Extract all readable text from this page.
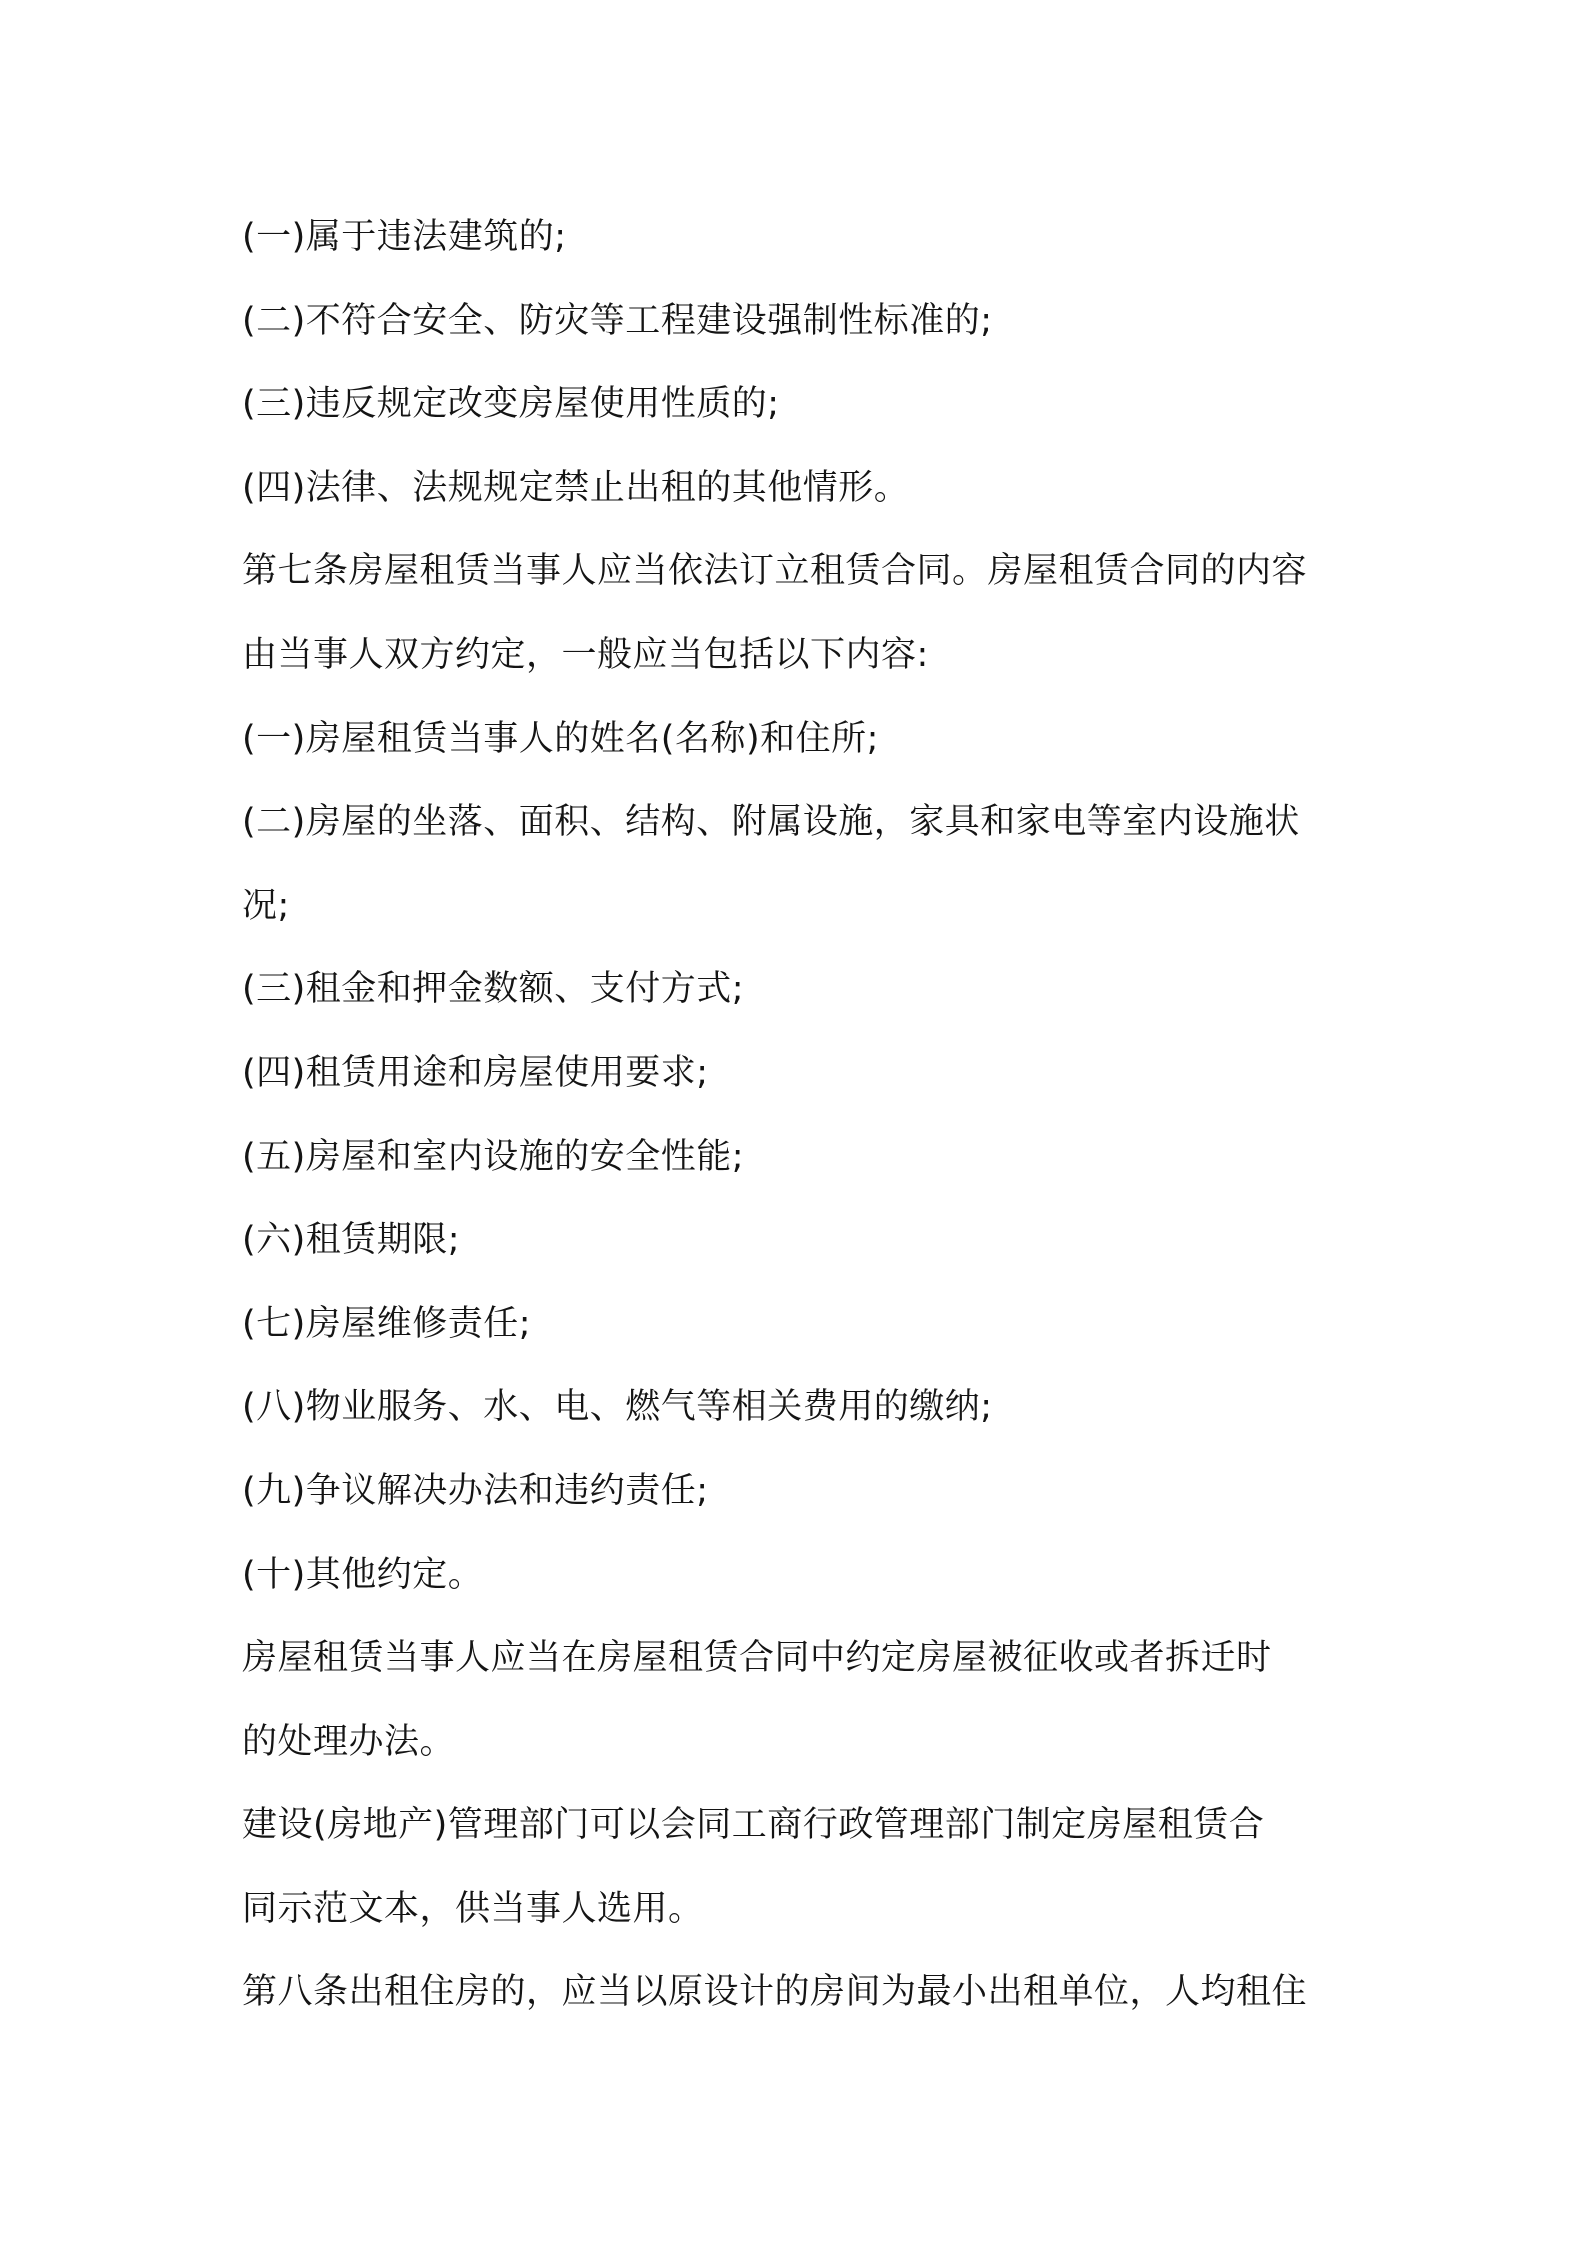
(一)属于违法建筑的;
(二)不符合安全、防灾等工程建设强制性标准的;
(三)违反规定改变房屋使用性质的;
(四)法律、法规规定禁止出租的其他情形。
第七条房屋租赁当事人应当依法订立租赁合同。房屋租赁合同的内容
由当事人双方约定，一般应当包括以下内容:
(一)房屋租赁当事人的姓名(名称)和住所;
(二)房屋的坐落、面积、结构、附属设施，家具和家电等室内设施状
况;
(三)租金和押金数额、支付方式;
(四)租赁用途和房屋使用要求;
(五)房屋和室内设施的安全性能;
(六)租赁期限;
(七)房屋维修责任;
(八)物业服务、水、电、燃气等相关费用的缴纳;
(九)争议解决办法和违约责任;
(十)其他约定。
房屋租赁当事人应当在房屋租赁合同中约定房屋被征收或者拆迁时
的处理办法。
建设(房地产)管理部门可以会同工商行政管理部门制定房屋租赁合
同示范文本，供当事人选用。
第八条出租住房的，应当以原设计的房间为最小出租单位，人均租住
